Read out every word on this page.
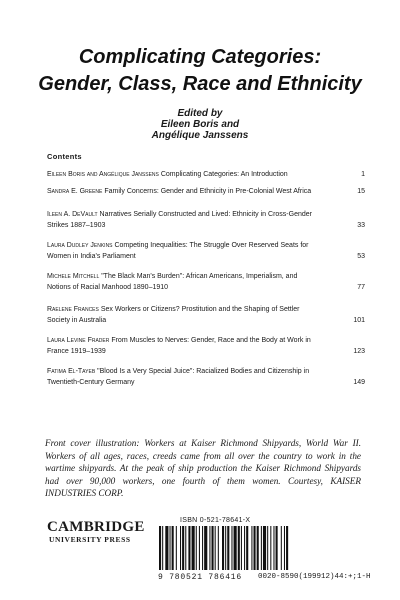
Complicating Categories:
Gender, Class, Race and Ethnicity
Edited by
Eileen Boris and
Angélique Janssens
Contents
Eileen Boris and Angélique Janssens Complicating Categories: An Introduction	1
Sandra E. Greene Family Concerns: Gender and Ethnicity in Pre-Colonial West Africa	15
Ileen A. DeVault Narratives Serially Constructed and Lived: Ethnicity in Cross-Gender
Strikes 1887–1903	33
Laura Dudley Jenkins Competing Inequalities: The Struggle Over Reserved Seats for
Women in India's Parliament	53
Michele Mitchell "The Black Man's Burden": African Americans, Imperialism, and
Notions of Racial Manhood 1890–1910	77
Raelene Frances Sex Workers or Citizens? Prostitution and the Shaping of Settler
Society in Australia	101
Laura Levine Frader From Muscles to Nerves: Gender, Race and the Body at Work in
France 1919–1939	123
Fatima El-Tayeb "Blood Is a Very Special Juice": Racialized Bodies and Citizenship in
Twentieth-Century Germany	149
Front cover illustration: Workers at Kaiser Richmond Shipyards, World War II. Workers of all ages, races, creeds came from all over the country to work in the wartime shipyards. At the peak of ship production the Kaiser Richmond Shipyards had over 90,000 workers, one fourth of them women. Courtesy, KAISER INDUSTRIES CORP.
CAMBRIDGE
UNIVERSITY PRESS
ISBN 0-521-78641-X
9 780521 786416 0020-8590(199912)44:+;1-H
